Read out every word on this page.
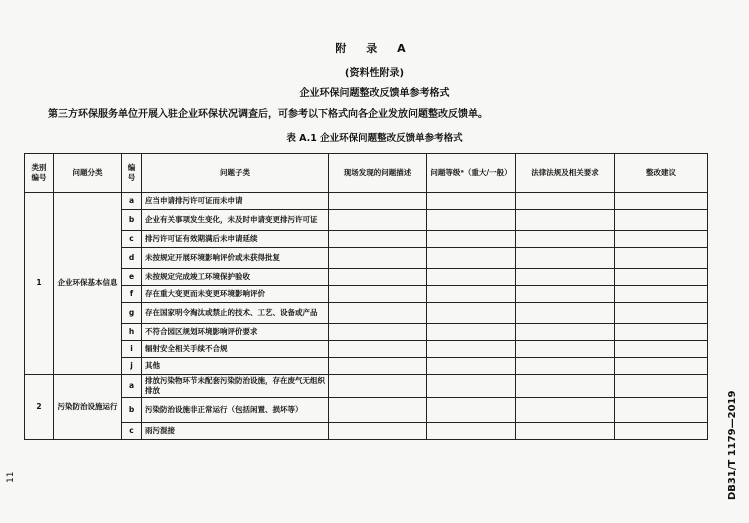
附 录 A
(资料性附录)
企业环保问题整改反馈单参考格式
第三方环保服务单位开展入驻企业环保状况调查后，可参考以下格式向各企业发放问题整改反馈单。
表 A.1 企业环保问题整改反馈单参考格式
类别编号	问题分类	编号	问题子类	现场发现的问题描述	问题等级ᵃ（重大/一般）	法律法规及相关要求	整改建议
1	企业环保基本信息	a	应当申请排污许可证而未申请				
		b	企业有关事项发生变化，未及时申请变更排污许可证				
		c	排污许可证有效期满后未申请延续				
		d	未按规定开展环境影响评价或未获得批复				
		e	未按规定完成竣工环境保护验收				
		f	存在重大变更而未变更环境影响评价				
		g	存在国家明令淘汰或禁止的技术、工艺、设备或产品				
		h	不符合园区规划环境影响评价要求				
		i	辐射安全相关手续不合规				
		j	其他				
2	污染防治设施运行	a	排放污染物环节未配套污染防治设施，存在废气无组织排放				
		b	污染防治设施非正常运行（包括闲置、损坏等）				
		c	雨污混接				
11	DB31/T 1179—2019
